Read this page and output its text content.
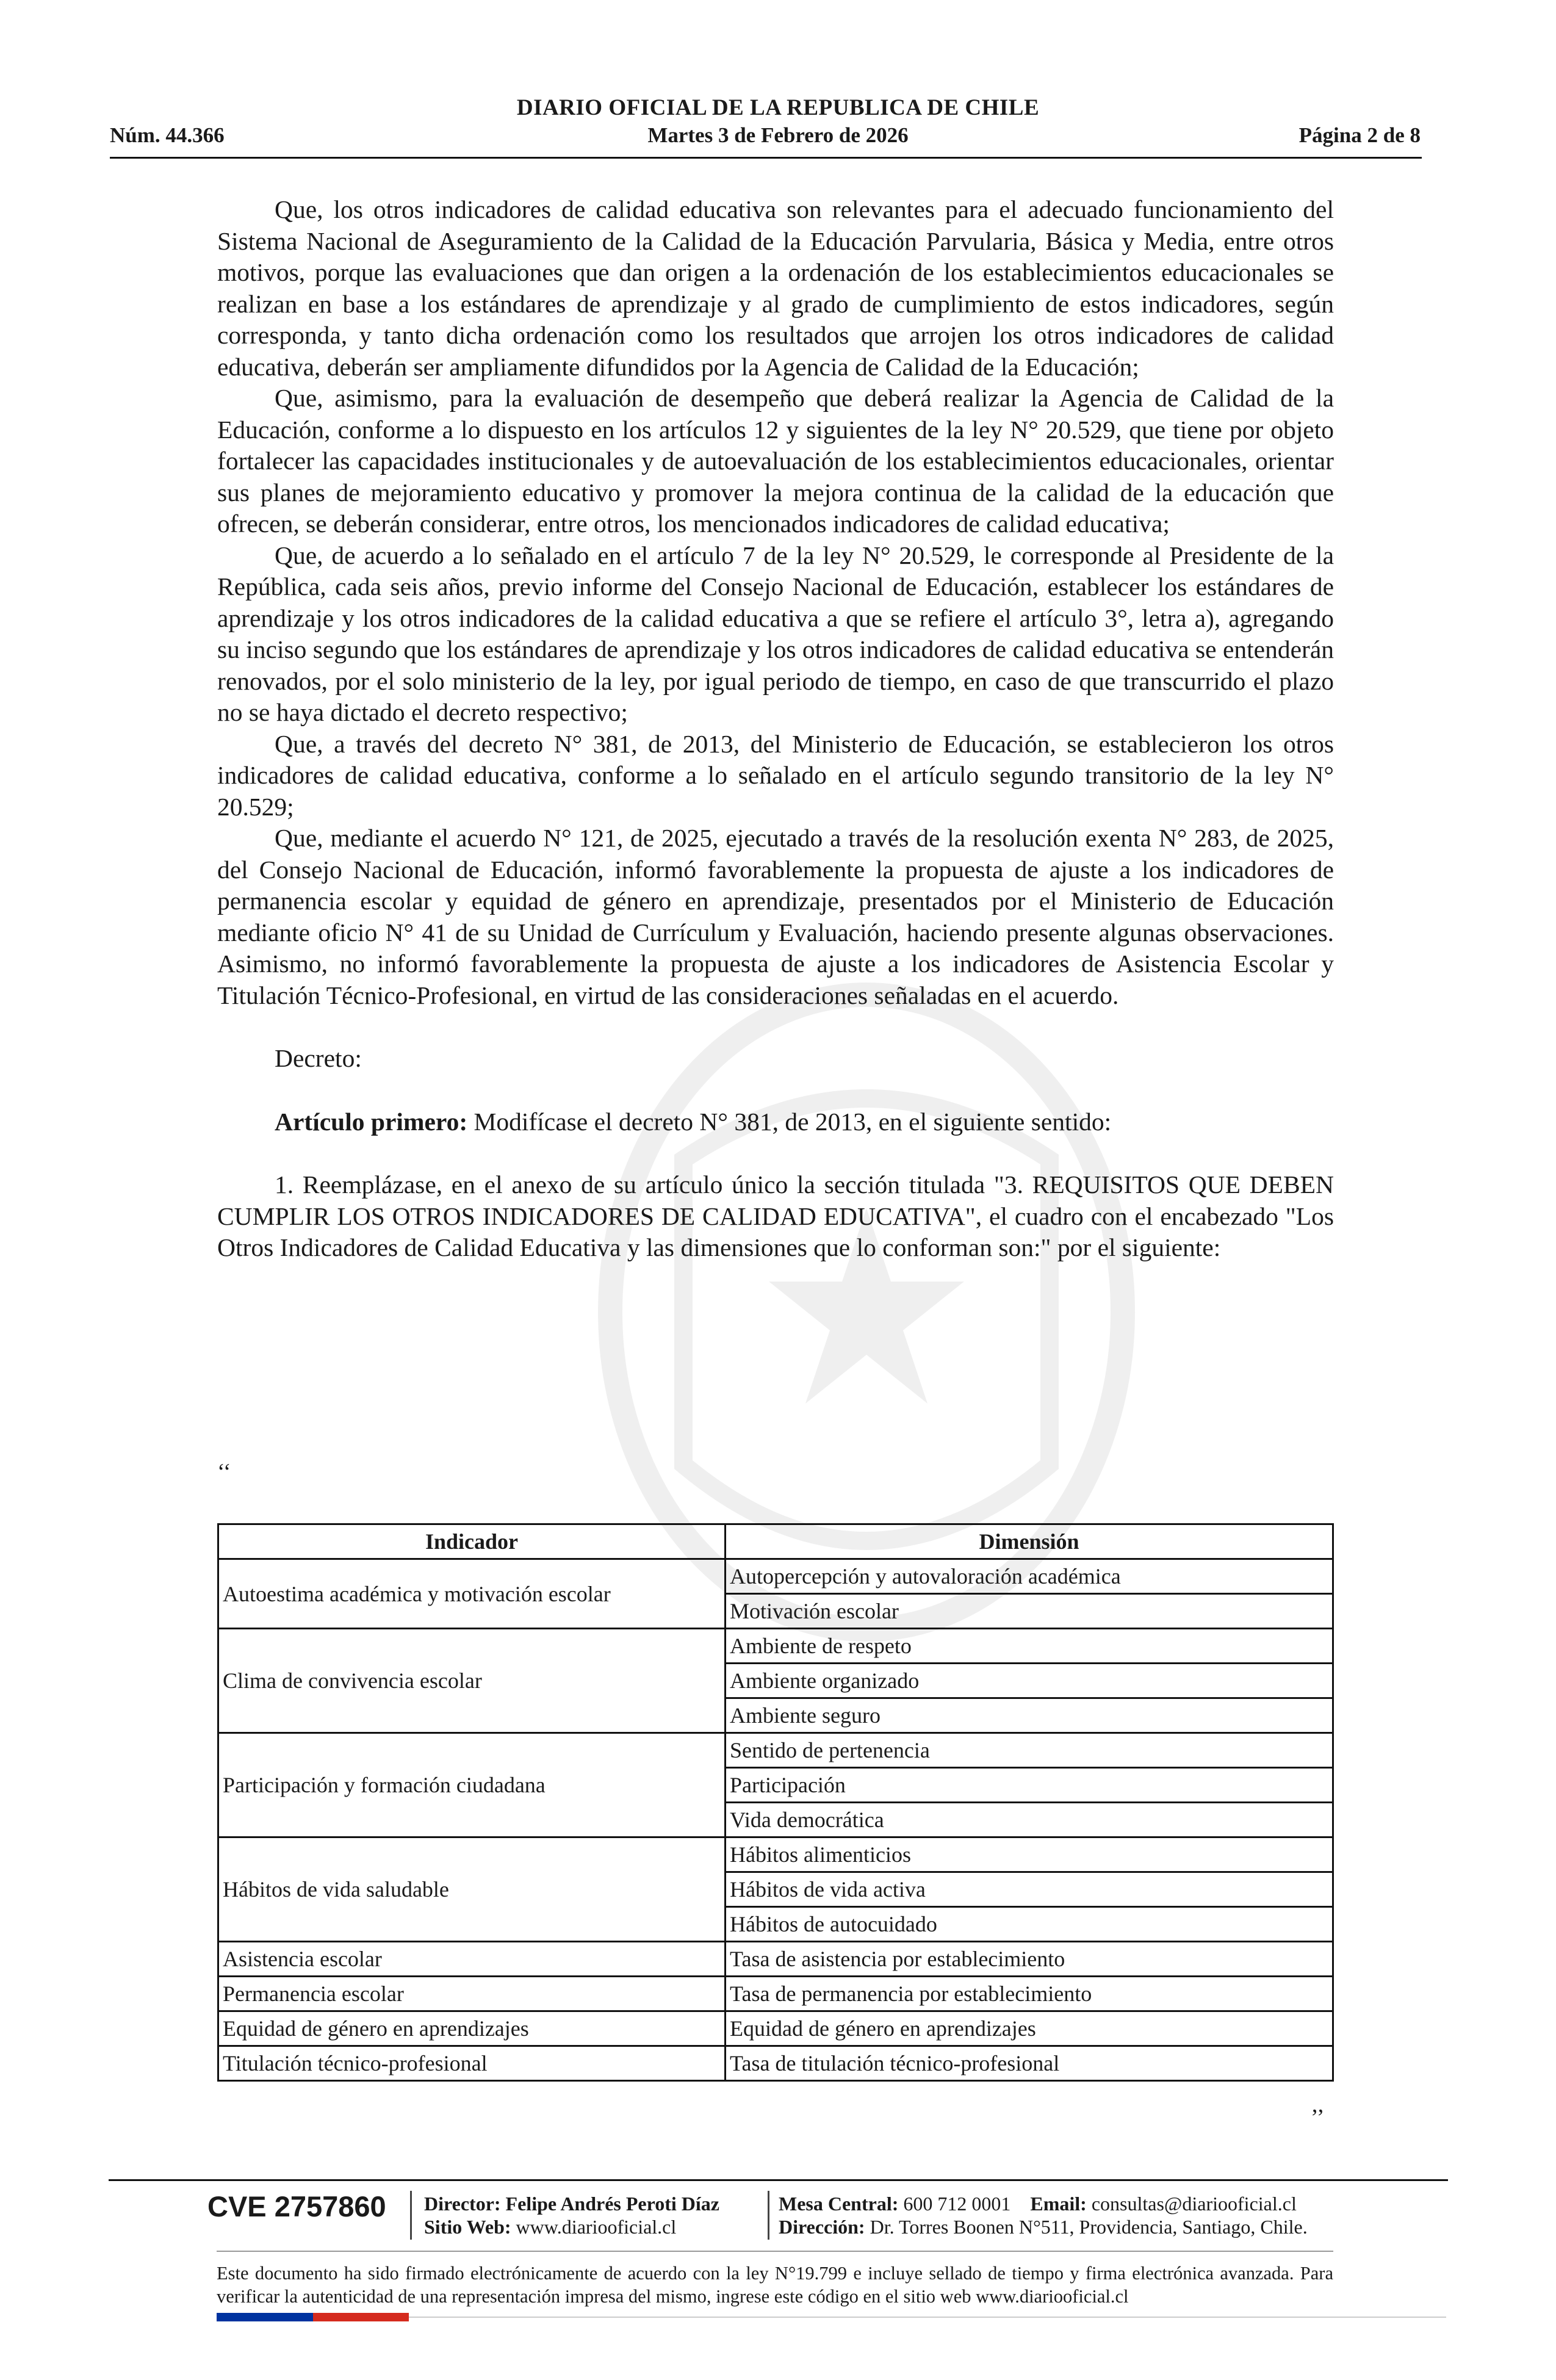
DIARIO OFICIAL DE LA REPUBLICA DE CHILE
Núm. 44.366	Martes 3 de Febrero de 2026	Página 2 de 8

Que, los otros indicadores de calidad educativa son relevantes para el adecuado funcionamiento del Sistema Nacional de Aseguramiento de la Calidad de la Educación Parvularia, Básica y Media, entre otros motivos, porque las evaluaciones que dan origen a la ordenación de los establecimientos educacionales se realizan en base a los estándares de aprendizaje y al grado de cumplimiento de estos indicadores, según corresponda, y tanto dicha ordenación como los resultados que arrojen los otros indicadores de calidad educativa, deberán ser ampliamente difundidos por la Agencia de Calidad de la Educación;

Que, asimismo, para la evaluación de desempeño que deberá realizar la Agencia de Calidad de la Educación, conforme a lo dispuesto en los artículos 12 y siguientes de la ley N° 20.529, que tiene por objeto fortalecer las capacidades institucionales y de autoevaluación de los establecimientos educacionales, orientar sus planes de mejoramiento educativo y promover la mejora continua de la calidad de la educación que ofrecen, se deberán considerar, entre otros, los mencionados indicadores de calidad educativa;

Que, de acuerdo a lo señalado en el artículo 7 de la ley N° 20.529, le corresponde al Presidente de la República, cada seis años, previo informe del Consejo Nacional de Educación, establecer los estándares de aprendizaje y los otros indicadores de la calidad educativa a que se refiere el artículo 3°, letra a), agregando su inciso segundo que los estándares de aprendizaje y los otros indicadores de calidad educativa se entenderán renovados, por el solo ministerio de la ley, por igual periodo de tiempo, en caso de que transcurrido el plazo no se haya dictado el decreto respectivo;

Que, a través del decreto N° 381, de 2013, del Ministerio de Educación, se establecieron los otros indicadores de calidad educativa, conforme a lo señalado en el artículo segundo transitorio de la ley N° 20.529;

Que, mediante el acuerdo N° 121, de 2025, ejecutado a través de la resolución exenta N° 283, de 2025, del Consejo Nacional de Educación, informó favorablemente la propuesta de ajuste a los indicadores de permanencia escolar y equidad de género en aprendizaje, presentados por el Ministerio de Educación mediante oficio N° 41 de su Unidad de Currículum y Evaluación, haciendo presente algunas observaciones. Asimismo, no informó favorablemente la propuesta de ajuste a los indicadores de Asistencia Escolar y Titulación Técnico-Profesional, en virtud de las consideraciones señaladas en el acuerdo.

Decreto:

Artículo primero: Modifícase el decreto N° 381, de 2013, en el siguiente sentido:

1. Reemplázase, en el anexo de su artículo único la sección titulada "3. REQUISITOS QUE DEBEN CUMPLIR LOS OTROS INDICADORES DE CALIDAD EDUCATIVA", el cuadro con el encabezado "Los Otros Indicadores de Calidad Educativa y las dimensiones que lo conforman son:" por el siguiente:

‘‘
Indicador	Dimensión
Autoestima académica y motivación escolar	Autopercepción y autovaloración académica
	Motivación escolar
Clima de convivencia escolar	Ambiente de respeto
	Ambiente organizado
	Ambiente seguro
Participación y formación ciudadana	Sentido de pertenencia
	Participación
	Vida democrática
Hábitos de vida saludable	Hábitos alimenticios
	Hábitos de vida activa
	Hábitos de autocuidado
Asistencia escolar	Tasa de asistencia por establecimiento
Permanencia escolar	Tasa de permanencia por establecimiento
Equidad de género en aprendizajes	Equidad de género en aprendizajes
Titulación técnico-profesional	Tasa de titulación técnico-profesional
’’
CVE 2757860 Director: Felipe Andrés Peroti Díaz
Sitio Web: www.diariooficial.cl
Mesa Central: 600 712 0001 Email: consultas@diariooficial.cl
Dirección: Dr. Torres Boonen N°511, Providencia, Santiago, Chile.
Este documento ha sido firmado electrónicamente de acuerdo con la ley N°19.799 e incluye sellado de tiempo y firma electrónica avanzada. Para verificar la autenticidad de una representación impresa del mismo, ingrese este código en el sitio web www.diariooficial.cl
